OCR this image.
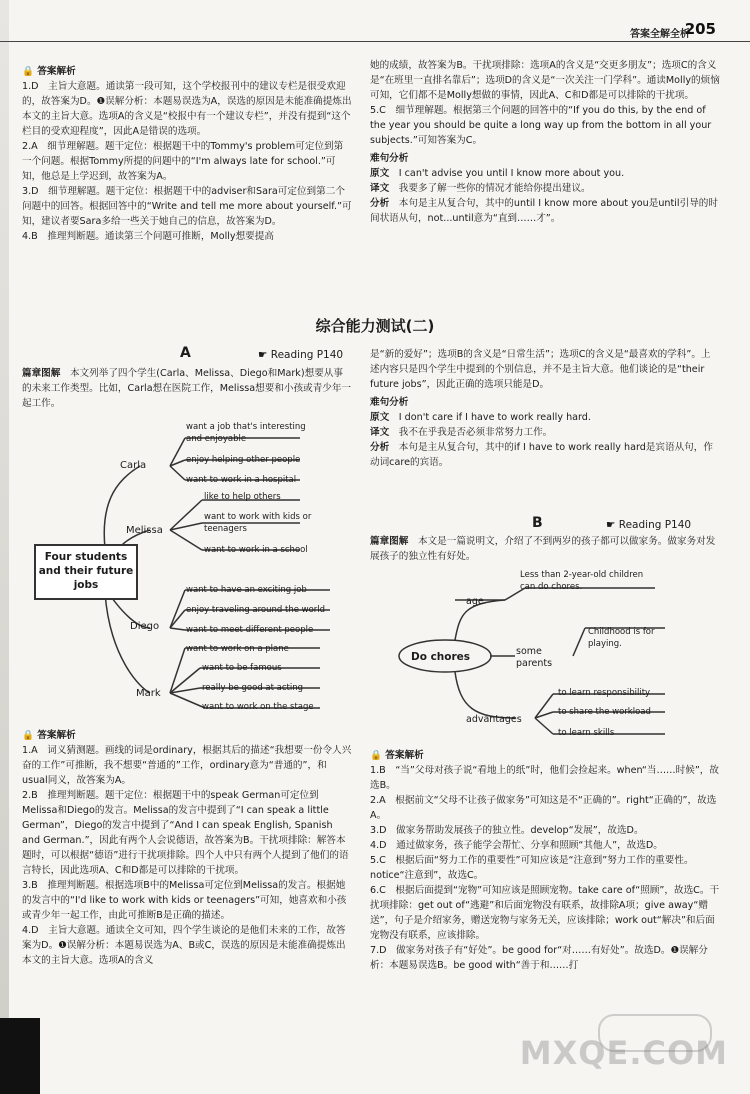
答案全解全析
205
🔒 答案解析

1.D　主旨大意题。通读第一段可知，这个学校报刊中的建议专栏是很受欢迎的，故答案为D。❶误解分析：本题易误选为A，误选的原因是未能准确提炼出本文的主旨大意。选项A的含义是“校报中有一个建议专栏”，并没有提到“这个栏目的受欢迎程度”，因此A是错误的选项。

2.A　细节理解题。题干定位：根据题干中的Tommy's problem可定位到第一个问题。根据Tommy所提的问题中的“I'm always late for school.”可知，他总是上学迟到，故答案为A。

3.D　细节理解题。题干定位：根据题干中的adviser和Sara可定位到第二个问题中的回答。根据回答中的“Write and tell me more about yourself.”可知，建议者要Sara多给一些关于她自己的信息，故答案为D。

4.B　推理判断题。通读第三个问题可推断，Molly想要提高

她的成绩，故答案为B。干扰项排除：选项A的含义是“交更多朋友”；选项C的含义是“在班里一直排名靠后”；选项D的含义是“一次关注一门学科”。通读Molly的烦恼可知，它们都不是Molly想做的事情，因此A、C和D都是可以排除的干扰项。

5.C　细节理解题。根据第三个问题的回答中的“If you do this, by the end of the year you should be quite a long way up from the bottom in all your subjects.”可知答案为C。

难句分析

原文　 I can't advise you until I know more about you.

译文　 我要多了解一些你的情况才能给你提出建议。

分析　 本句是主从复合句，其中的until I know more about you是until引导的时间状语从句，not...until意为“直到……才”。

综合能力测试(二)
A	☛ Reading P140

篇章图解　 本文列举了四个学生(Carla、Melissa、Diego和Mark)想要从事的未来工作类型。比如，Carla想在医院工作，Melissa想要和小孩或青少年一起工作。

Four students and their future jobs
Carla
Melissa
Diego
Mark
want a job that's interesting and enjoyable
enjoy helping other people
want to work in a hospital
like to help others
want to work with kids or teenagers
want to work in a school
want to have an exciting job
enjoy traveling around the world
want to meet different people
want to work on a plane
want to be famous
really be good at acting
want to work on the stage
🔒 答案解析

1.A　词义猜测题。画线的词是ordinary，根据其后的描述“我想要一份令人兴奋的工作”可推断，我不想要“普通的”工作，ordinary意为“普通的”，和usual同义，故答案为A。

2.B　推理判断题。题干定位：根据题干中的speak German可定位到Melissa和Diego的发言。Melissa的发言中提到了“I can speak a little German”，Diego的发言中提到了“And I can speak English, Spanish and German.”，因此有两个人会说德语，故答案为B。干扰项排除：解答本题时，可以根据“德语”进行干扰项排除。四个人中只有两个人提到了他们的语言特长，因此选项A、C和D都是可以排除的干扰项。

3.B　推理判断题。根据选项B中的Melissa可定位到Melissa的发言。根据她的发言中的“I'd like to work with kids or teenagers”可知，她喜欢和小孩或青少年一起工作，由此可推断B是正确的描述。

4.D　主旨大意题。通读全文可知，四个学生谈论的是他们未来的工作，故答案为D。❶误解分析：本题易误选为A、B或C，误选的原因是未能准确提炼出本文的主旨大意。选项A的含义

是“新的爱好”；选项B的含义是“日常生活”；选项C的含义是“最喜欢的学科”。上述内容只是四个学生中提到的个别信息，并不是主旨大意。他们谈论的是“their future jobs”，因此正确的选项只能是D。

难句分析

原文　 I don't care if I have to work really hard.

译文　 我不在乎我是否必须非常努力工作。

分析　 本句是主从复合句，其中的if I have to work really hard是宾语从句，作动词care的宾语。

B	☛ Reading P140

篇章图解　 本文是一篇说明文，介绍了不到两岁的孩子都可以做家务。做家务对发展孩子的独立性有好处。

Do chores
age
some parents
advantages
Less than 2-year-old children can do chores.
Childhood is for playing.
to learn responsibility
to share the workload
to learn skills
🔒 答案解析

1.B　“当”父母对孩子说“看地上的纸”时，他们会捡起来。when“当……时候”，故选B。

2.A　根据前文“父母不让孩子做家务”可知这是不“正确的”。right“正确的”，故选A。

3.D　做家务帮助发展孩子的独立性。develop“发展”，故选D。

4.D　通过做家务，孩子能学会帮忙、分享和照顾“其他人”，故选D。

5.C　根据后面“努力工作的重要性”可知应该是“注意到”努力工作的重要性。notice“注意到”，故选C。

6.C　根据后面提到“宠物”可知应该是照顾宠物。take care of“照顾”，故选C。干扰项排除：get out of“逃避”和后面宠物没有联系，故排除A项；give away“赠送”，句子是介绍家务，赠送宠物与家务无关，应该排除；work out“解决”和后面宠物没有联系，应该排除。

7.D　做家务对孩子有“好处”。be good for“对……有好处”。故选D。❶误解分析：本题易误选B。be good with“善于和……打

MXQE.COM
